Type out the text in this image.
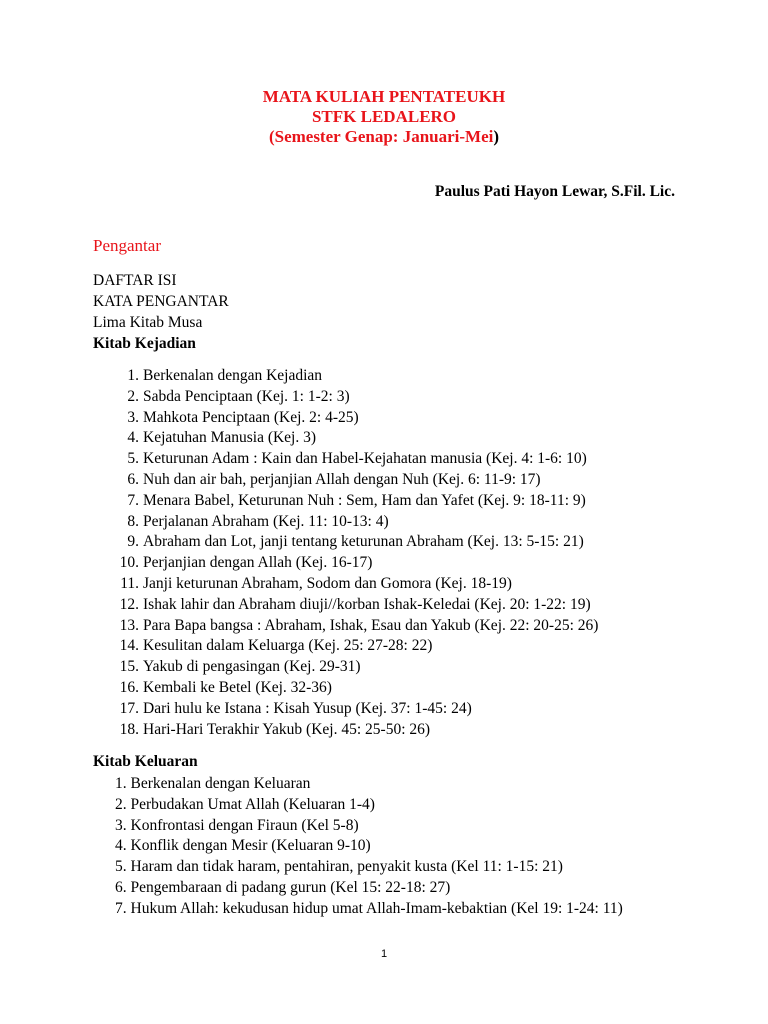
MATA KULIAH PENTATEUKH
STFK LEDALERO
(Semester Genap: Januari-Mei)
Paulus Pati Hayon Lewar, S.Fil. Lic.
Pengantar
DAFTAR ISI
KATA PENGANTAR
Lima Kitab Musa
Kitab Kejadian
1. Berkenalan dengan Kejadian
2. Sabda Penciptaan (Kej. 1: 1-2: 3)
3. Mahkota Penciptaan (Kej. 2: 4-25)
4. Kejatuhan Manusia (Kej. 3)
5. Keturunan Adam : Kain dan Habel-Kejahatan manusia (Kej. 4: 1-6: 10)
6. Nuh dan air bah, perjanjian Allah dengan Nuh (Kej. 6: 11-9: 17)
7. Menara Babel, Keturunan Nuh : Sem, Ham dan Yafet (Kej. 9: 18-11: 9)
8. Perjalanan Abraham (Kej. 11: 10-13: 4)
9. Abraham dan Lot, janji tentang keturunan Abraham (Kej. 13: 5-15: 21)
10. Perjanjian dengan Allah (Kej. 16-17)
11. Janji keturunan Abraham, Sodom dan Gomora (Kej. 18-19)
12. Ishak lahir dan Abraham diuji//korban Ishak-Keledai (Kej. 20: 1-22: 19)
13. Para Bapa bangsa : Abraham, Ishak, Esau dan Yakub (Kej. 22: 20-25: 26)
14. Kesulitan dalam Keluarga (Kej. 25: 27-28: 22)
15. Yakub di pengasingan (Kej. 29-31)
16. Kembali ke Betel (Kej. 32-36)
17. Dari hulu ke Istana : Kisah Yusup (Kej. 37: 1-45: 24)
18. Hari-Hari Terakhir Yakub (Kej. 45: 25-50: 26)
Kitab Keluaran
1. Berkenalan dengan Keluaran
2. Perbudakan Umat Allah (Keluaran 1-4)
3. Konfrontasi dengan Firaun (Kel 5-8)
4. Konflik dengan Mesir (Keluaran 9-10)
5. Haram dan tidak haram, pentahiran, penyakit kusta (Kel 11: 1-15: 21)
6. Pengembaraan di padang gurun (Kel 15: 22-18: 27)
7. Hukum Allah: kekudusan hidup umat Allah-Imam-kebaktian (Kel 19: 1-24: 11)
1
